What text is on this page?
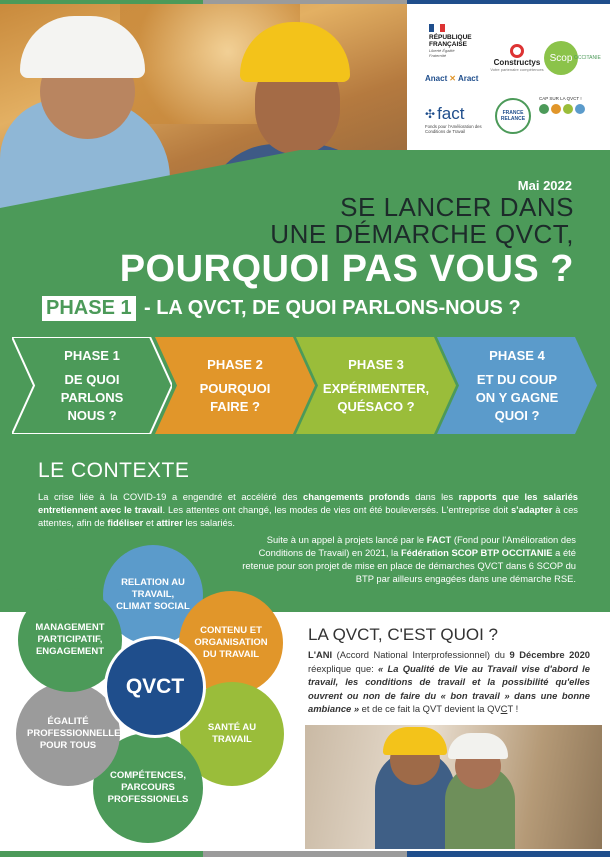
RÉPUBLIQUE FRANÇAISE
Liberté Égalité Fraternité
Constructys
Votre partenaire compétences
Scop OCCITANIE
Anact ✕ Aract
✣ fact
Fonds pour l'Amélioration des Conditions de Travail
FRANCE RELANCE
CAP SUR LA QVCT !
Mai 2022
SE LANCER DANS
UNE DÉMARCHE QVCT,
POURQUOI PAS VOUS ?
PHASE 1 - LA QVCT, DE QUOI PARLONS-NOUS ?
PHASE 1
DE QUOI
PARLONS
NOUS ?
PHASE 2
POURQUOI
FAIRE ?
PHASE 3
EXPÉRIMENTER,
QUÉSACO ?
PHASE 4
ET DU COUP
ON Y GAGNE
QUOI ?
LE CONTEXTE
La crise liée à la COVID-19 a engendré et accéléré des changements profonds dans les rapports que les salariés entretiennent avec le travail. Les attentes ont changé, les modes de vies ont été bouleversés. L'entreprise doit s'adapter à ces attentes, afin de fidéliser et attirer les salariés.
Suite à un appel à projets lancé par le FACT (Fond pour l'Amélioration des Conditions de Travail) en 2021, la Fédération SCOP BTP OCCITANIE a été retenue pour son projet de mise en place de démarches QVCT dans 6 SCOP du BTP par ailleurs engagées dans une démarche RSE.
RELATION AU TRAVAIL, CLIMAT SOCIAL
CONTENU ET ORGANISATION DU TRAVAIL
SANTÉ AU TRAVAIL
COMPÉTENCES, PARCOURS PROFESSIONELS
ÉGALITÉ PROFESSIONNELLE POUR TOUS
MANAGEMENT PARTICIPATIF, ENGAGEMENT
QVCT
LA QVCT, C'EST QUOI ?
L'ANI (Accord National Interprofessionnel) du 9 Décembre 2020 réexplique que: « La Qualité de Vie au Travail vise d'abord le travail, les conditions de travail et la possibilité qu'elles ouvrent ou non de faire du « bon travail » dans une bonne ambiance » et de ce fait la QVT devient la QVCT !
